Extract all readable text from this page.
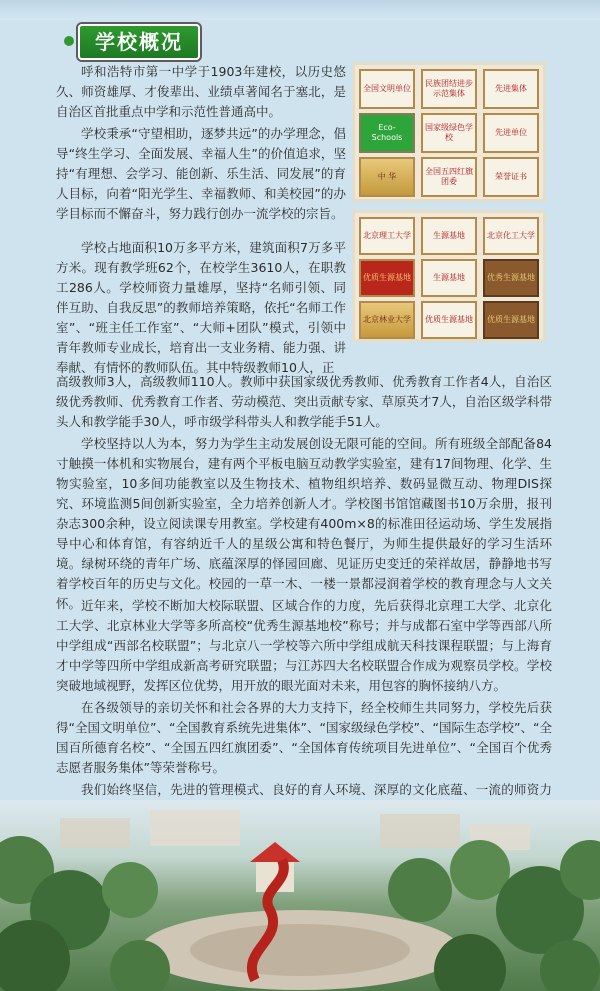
学校概况

呼和浩特市第一中学于1903年建校，以历史悠久、师资雄厚、才俊辈出、业绩卓著闻名于塞北，是自治区首批重点中学和示范性普通高中。

学校秉承“守望相助，逐梦共远”的办学理念，倡导“终生学习、全面发展、幸福人生”的价值追求，坚持“有理想、会学习、能创新、乐生活、同发展”的育人目标，向着“阳光学生、幸福教师、和美校园”的办学目标而不懈奋斗，努力践行创办一流学校的宗旨。

学校占地面积10万多平方米，建筑面积7万多平方米。现有教学班62个，在校学生3610人，在职教工286人。学校师资力量雄厚，坚持“名师引领、同伴互助、自我反思”的教师培养策略，依托“名师工作室”、“班主任工作室”、“大师+团队”模式，引领中青年教师专业成长，培育出一支业务精、能力强、讲奉献、有情怀的教师队伍。其中特级教师10人，正

高级教师3人，高级教师110人。教师中获国家级优秀教师、优秀教育工作者4人，自治区级优秀教师、优秀教育工作者、劳动模范、突出贡献专家、草原英才7人，自治区级学科带头人和教学能手30人，呼市级学科带头人和教学能手51人。

学校坚持以人为本，努力为学生主动发展创设无限可能的空间。所有班级全部配备84寸触摸一体机和实物展台，建有两个平板电脑互动教学实验室，建有17间物理、化学、生物实验室，10多间功能教室以及生物技术、植物组织培养、数码显微互动、物理DIS探究、环境监测5间创新实验室，全力培养创新人才。学校图书馆馆藏图书10万余册，报刊杂志300余种，设立阅读课专用教室。学校建有400m×8的标准田径运动场、学生发展指导中心和体育馆，有容纳近千人的星级公寓和特色餐厅，为师生提供最好的学习生活环境。绿树环绕的青年广场、底蕴深厚的怿园回廊、见证历史变迁的荣祥故居，静静地书写着学校百年的历史与文化。校园的一草一木、一楼一景都浸润着学校的教育理念与人文关怀。 近年来，学校不断加大校际联盟、区域合作的力度，先后获得北京理工大学、北京化工大学、北京林业大学等多所高校“优秀生源基地校”称号；并与成都石室中学等西部八所中学组成“西部名校联盟”；与北京八一学校等六所中学组成航天科技课程联盟；与上海育才中学等四所中学组成新高考研究联盟；与江苏四大名校联盟合作成为观察员学校。学校突破地域视野，发挥区位优势，用开放的眼光面对未来，用包容的胸怀接纳八方。

在各级领导的亲切关怀和社会各界的大力支持下，经全校师生共同努力，学校先后获得“全国文明单位”、“全国教育系统先进集体”、“国家级绿色学校”、“国际生态学校”、“全国百所德育名校”、“全国五四红旗团委”、“全国体育传统项目先进单位”、“全国百个优秀志愿者服务集体”等荣誉称号。

我们始终坚信，先进的管理模式、良好的育人环境、深厚的文化底蕴、一流的师资力

全国文明单位
民族团结进步 示范集体
先进集体
Eco-Schools
国家级绿色学校
先进单位
中 华
全国五四红旗团委
荣誉证书
北京理工大学	生源基地	北京化工大学
优质生源基地	生源基地	优秀生源基地
北京林业大学	优质生源基地	优质生源基地
